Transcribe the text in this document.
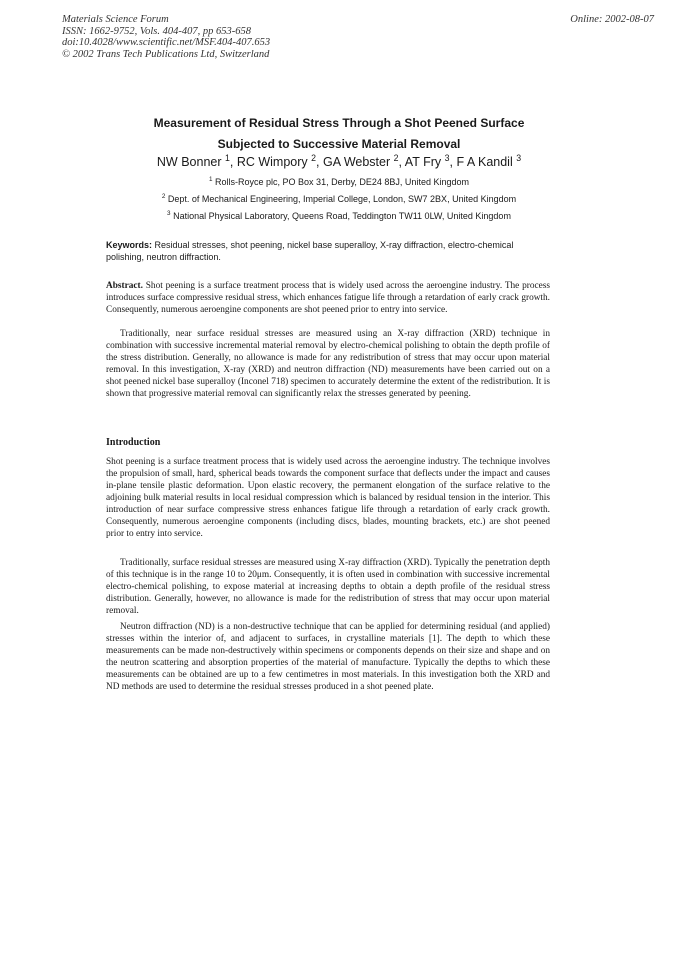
Materials Science Forum
ISSN: 1662-9752, Vols. 404-407, pp 653-658
doi:10.4028/www.scientific.net/MSF.404-407.653
© 2002 Trans Tech Publications Ltd, Switzerland
Online: 2002-08-07
Measurement of Residual Stress Through a Shot Peened Surface
Subjected to Successive Material Removal
NW Bonner $^1$, RC Wimpory $^2$, GA Webster $^2$, AT Fry $^3$, F A Kandil $^3$
$^1$ Rolls-Royce plc, PO Box 31, Derby, DE24 8BJ, United Kingdom
$^2$ Dept. of Mechanical Engineering, Imperial College, London, SW7 2BX, United Kingdom
$^3$ National Physical Laboratory, Queens Road, Teddington TW11 0LW, United Kingdom
Keywords: Residual stresses, shot peening, nickel base superalloy, X-ray diffraction, electro-chemical polishing, neutron diffraction.
Abstract. Shot peening is a surface treatment process that is widely used across the aeroengine industry. The process introduces surface compressive residual stress, which enhances fatigue life through a retardation of early crack growth. Consequently, numerous aeroengine components are shot peened prior to entry into service.
Traditionally, near surface residual stresses are measured using an X-ray diffraction (XRD) technique in combination with successive incremental material removal by electro-chemical polishing to obtain the depth profile of the stress distribution. Generally, no allowance is made for any redistribution of stress that may occur upon material removal. In this investigation, X-ray (XRD) and neutron diffraction (ND) measurements have been carried out on a shot peened nickel base superalloy (Inconel 718) specimen to accurately determine the extent of the redistribution. It is shown that progressive material removal can significantly relax the stresses generated by peening.
Introduction
Shot peening is a surface treatment process that is widely used across the aeroengine industry. The technique involves the propulsion of small, hard, spherical beads towards the component surface that deflects under the impact and causes in-plane tensile plastic deformation. Upon elastic recovery, the permanent elongation of the surface relative to the adjoining bulk material results in local residual compression which is balanced by residual tension in the interior. This introduction of near surface compressive stress enhances fatigue life through a retardation of early crack growth. Consequently, numerous aeroengine components (including discs, blades, mounting brackets, etc.) are shot peened prior to entry into service.
Traditionally, surface residual stresses are measured using X-ray diffraction (XRD). Typically the penetration depth of this technique is in the range 10 to 20μm. Consequently, it is often used in combination with successive incremental electro-chemical polishing, to expose material at increasing depths to obtain a depth profile of the residual stress distribution. Generally, however, no allowance is made for the redistribution of stress that may occur upon material removal.
Neutron diffraction (ND) is a non-destructive technique that can be applied for determining residual (and applied) stresses within the interior of, and adjacent to surfaces, in crystalline materials [1]. The depth to which these measurements can be made non-destructively within specimens or components depends on their size and shape and on the neutron scattering and absorption properties of the material of manufacture. Typically the depths to which these measurements can be obtained are up to a few centimetres in most materials. In this investigation both the XRD and ND methods are used to determine the residual stresses produced in a shot peened plate.
